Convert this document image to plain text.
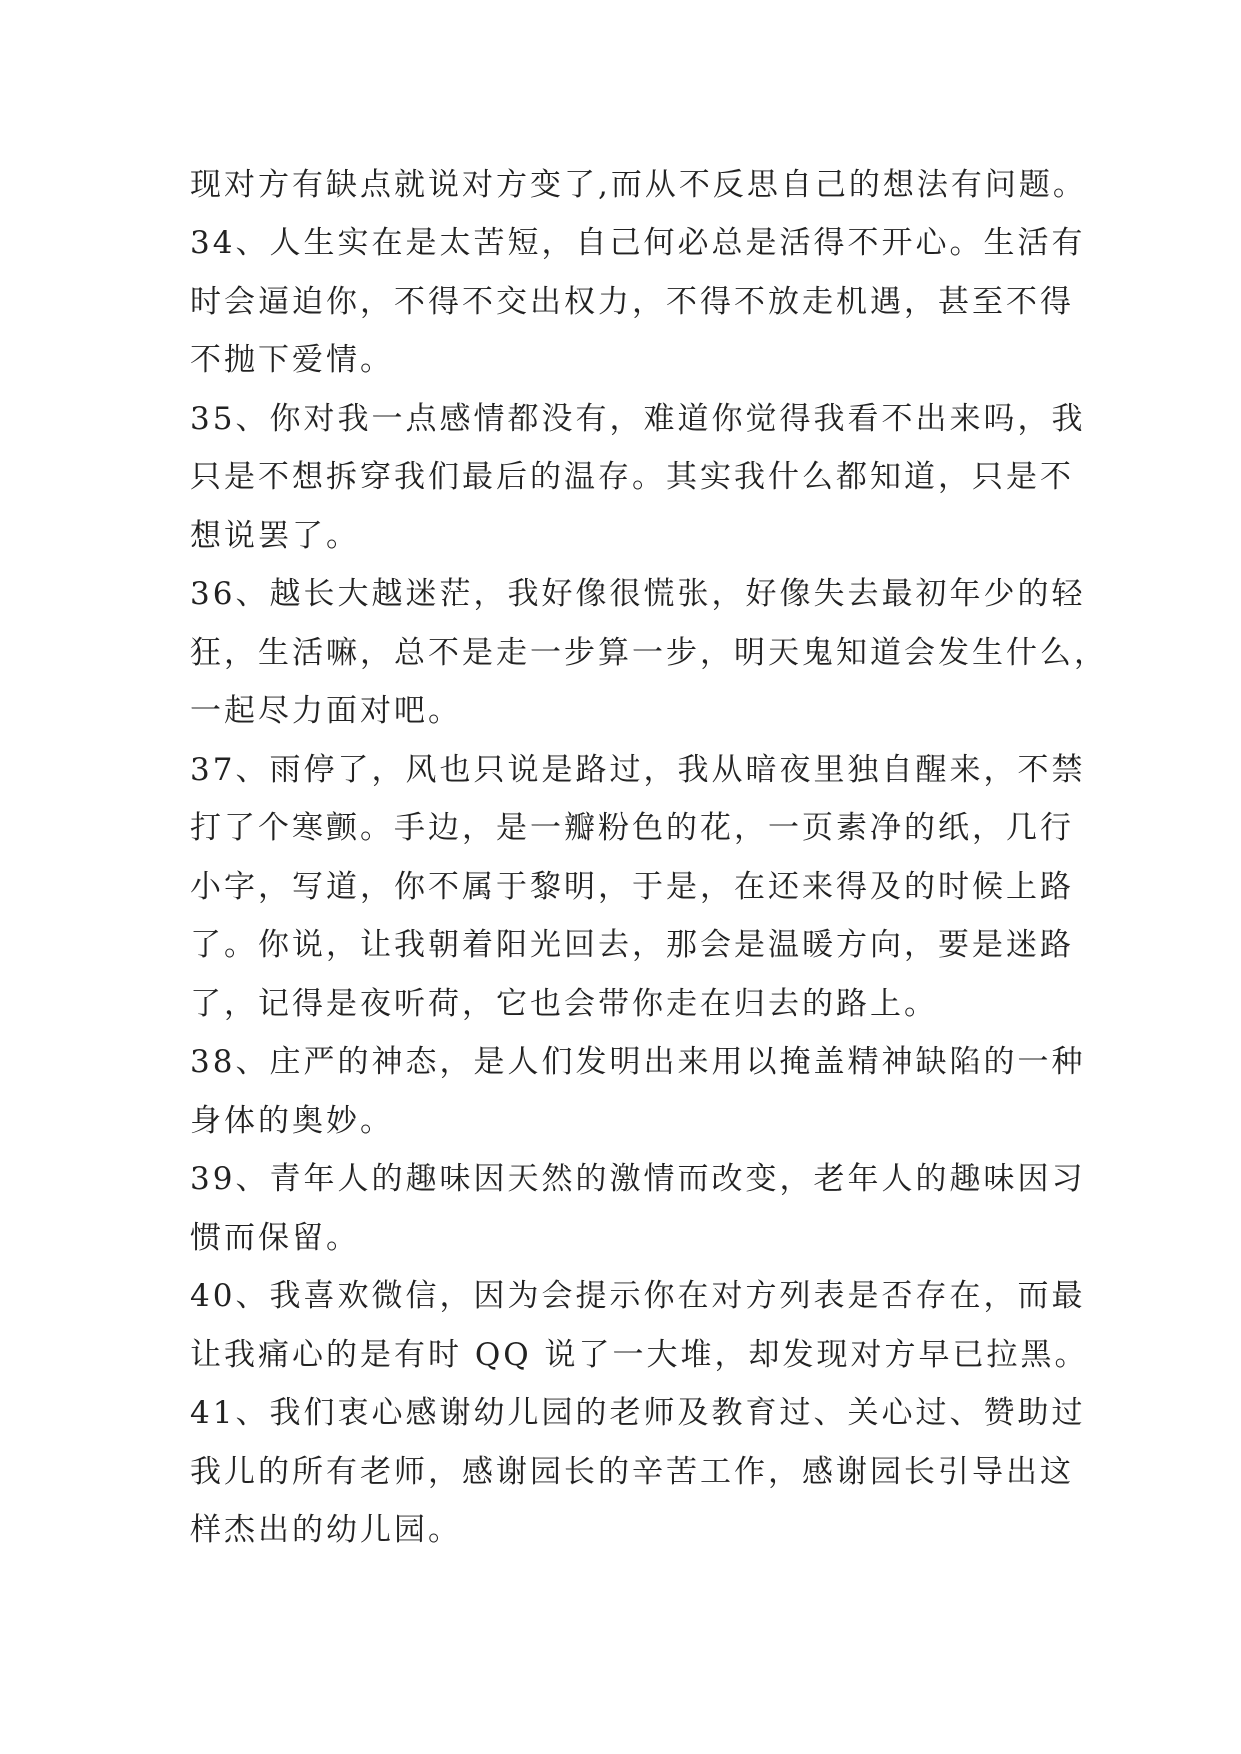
现对方有缺点就说对方变了,而从不反思自己的想法有问题。
34、人生实在是太苦短，自己何必总是活得不开心。生活有
时会逼迫你，不得不交出权力，不得不放走机遇，甚至不得
不抛下爱情。
35、你对我一点感情都没有，难道你觉得我看不出来吗，我
只是不想拆穿我们最后的温存。其实我什么都知道，只是不
想说罢了。
36、越长大越迷茫，我好像很慌张，好像失去最初年少的轻
狂，生活嘛，总不是走一步算一步，明天鬼知道会发生什么，
一起尽力面对吧。
37、雨停了，风也只说是路过，我从暗夜里独自醒来，不禁
打了个寒颤。手边，是一瓣粉色的花，一页素净的纸，几行
小字，写道，你不属于黎明，于是，在还来得及的时候上路
了。你说，让我朝着阳光回去，那会是温暖方向，要是迷路
了，记得是夜听荷，它也会带你走在归去的路上。
38、庄严的神态，是人们发明出来用以掩盖精神缺陷的一种
身体的奥妙。
39、青年人的趣味因天然的激情而改变，老年人的趣味因习
惯而保留。
40、我喜欢微信，因为会提示你在对方列表是否存在，而最
让我痛心的是有时 QQ 说了一大堆，却发现对方早已拉黑。
41、我们衷心感谢幼儿园的老师及教育过、关心过、赞助过
我儿的所有老师，感谢园长的辛苦工作，感谢园长引导出这
样杰出的幼儿园。
